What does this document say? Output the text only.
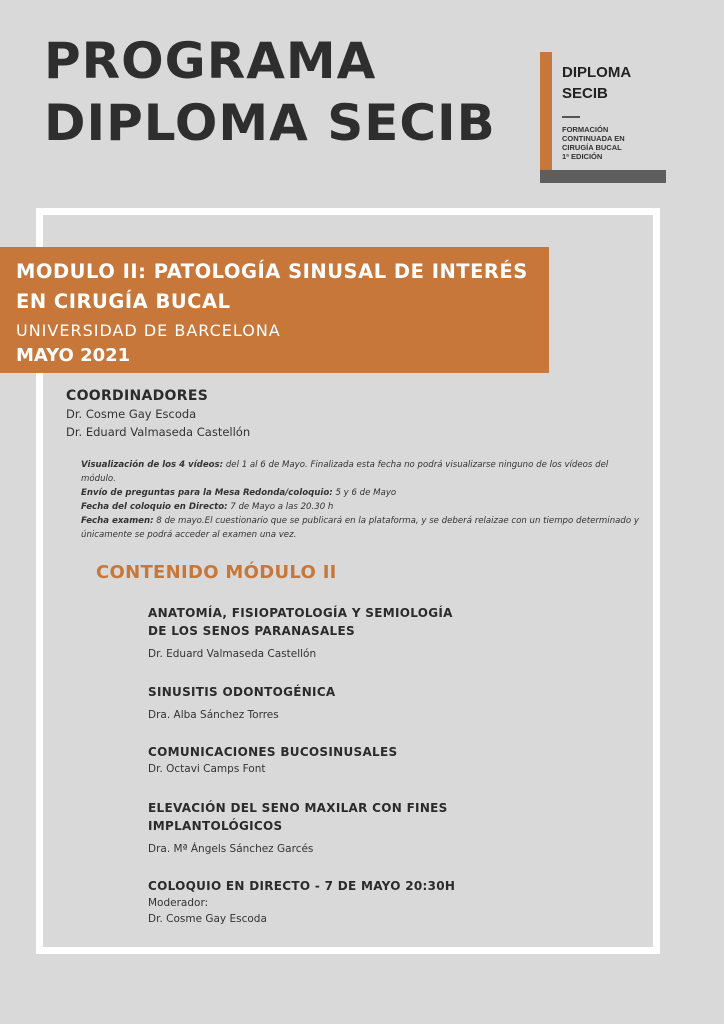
PROGRAMA
DIPLOMA SECIB
DIPLOMA
SECIB
FORMACIÓN
CONTINUADA EN
CIRUGÍA BUCAL
1ª EDICIÓN
MODULO II: PATOLOGÍA SINUSAL DE INTERÉS
EN CIRUGÍA BUCAL
UNIVERSIDAD DE BARCELONA
MAYO 2021
COORDINADORES
Dr. Cosme Gay Escoda
Dr. Eduard Valmaseda Castellón
Visualización de los 4 vídeos: del 1 al 6 de Mayo. Finalizada esta fecha no podrá visualizarse ninguno de los vídeos del módulo.
Envío de preguntas para la Mesa Redonda/coloquio: 5 y 6 de Mayo
Fecha del coloquio en Directo: 7 de Mayo a las 20.30 h
Fecha examen: 8 de mayo.El cuestionario que se publicará en la plataforma, y se deberá relaizae con un tiempo determinado y únicamente se podrá acceder al examen una vez.
CONTENIDO MÓDULO II
ANATOMÍA, FISIOPATOLOGÍA Y SEMIOLOGÍA
DE LOS SENOS PARANASALES
Dr. Eduard Valmaseda Castellón
SINUSITIS ODONTOGÉNICA
Dra. Alba Sánchez Torres
COMUNICACIONES BUCOSINUSALES
Dr. Octavi Camps Font
ELEVACIÓN DEL SENO MAXILAR CON FINES
IMPLANTOLÓGICOS
Dra. Mª Ángels Sánchez Garcés
COLOQUIO EN DIRECTO - 7 DE MAYO 20:30H
Moderador:
Dr. Cosme Gay Escoda
